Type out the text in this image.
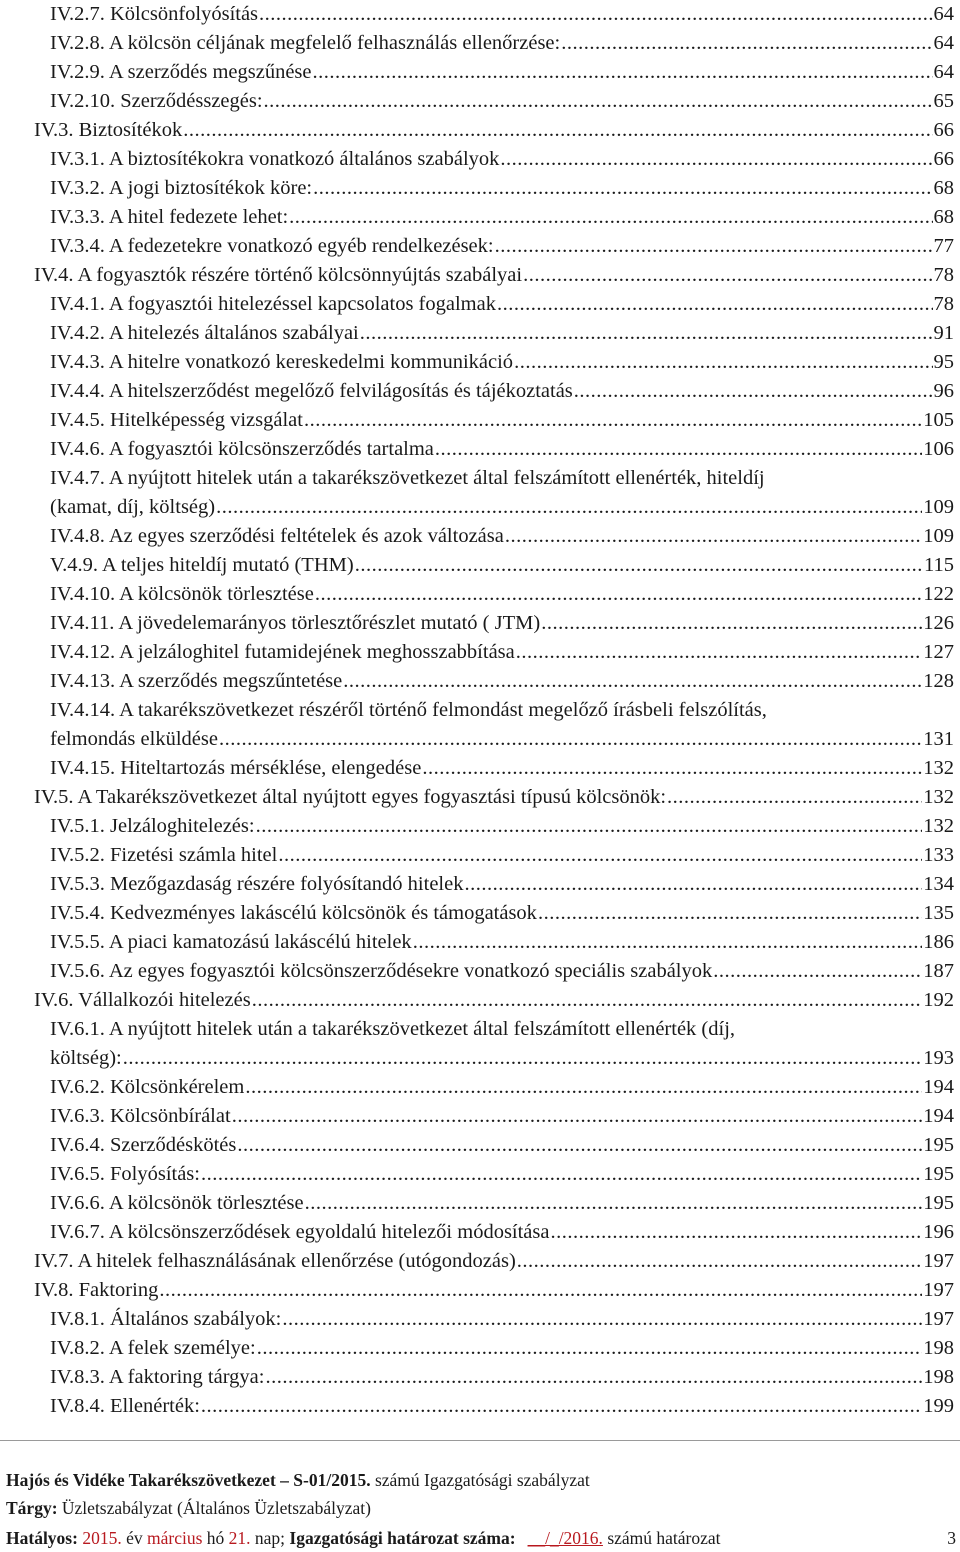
IV.2.7. Kölcsönfolyósítás .....	64
IV.2.8. A kölcsön céljának megfelelő felhasználás ellenőrzése: .....	64
IV.2.9. A szerződés megszűnése .....	64
IV.2.10. Szerződésszegés: .....	65
IV.3. Biztosítékok .....	66
IV.3.1. A biztosítékokra vonatkozó általános szabályok .....	66
IV.3.2. A jogi biztosítékok köre: .....	68
IV.3.3. A hitel fedezete lehet: .....	68
IV.3.4. A fedezetekre vonatkozó egyéb rendelkezések: .....	77
IV.4. A fogyasztók részére történő kölcsönnyújtás szabályai .....	78
IV.4.1. A fogyasztói hitelezéssel kapcsolatos fogalmak .....	78
IV.4.2. A hitelezés általános szabályai .....	91
IV.4.3. A hitelre vonatkozó kereskedelmi kommunikáció .....	95
IV.4.4. A hitelszerződést megelőző felvilágosítás és tájékoztatás .....	96
IV.4.5. Hitelképesség vizsgálat .....	105
IV.4.6. A fogyasztói kölcsönszerződés tartalma .....	106
IV.4.7. A nyújtott hitelek után a takarékszövetkezet által felszámított ellenérték, hiteldíj
(kamat, díj, költség) .....	109
IV.4.8. Az egyes szerződési feltételek és azok változása .....	109
V.4.9. A teljes hiteldíj mutató (THM) .....	115
IV.4.10. A kölcsönök törlesztése .....	122
IV.4.11. A jövedelemarányos törlesztőrészlet mutató ( JTM) .....	126
IV.4.12. A jelzáloghitel futamidejének meghosszabbítása .....	127
IV.4.13. A szerződés megszűntetése .....	128
IV.4.14. A takarékszövetkezet részéről történő felmondást megelőző írásbeli felszólítás,
felmondás elküldése .....	131
IV.4.15. Hiteltartozás mérséklése, elengedése .....	132
IV.5. A Takarékszövetkezet által nyújtott egyes fogyasztási típusú kölcsönök: .....	132
IV.5.1. Jelzáloghitelezés: .....	132
IV.5.2. Fizetési számla hitel .....	133
IV.5.3. Mezőgazdaság részére folyósítandó hitelek .....	134
IV.5.4. Kedvezményes lakáscélú kölcsönök és támogatások .....	135
IV.5.5. A piaci kamatozású lakáscélú hitelek .....	186
IV.5.6. Az egyes fogyasztói kölcsönszerződésekre vonatkozó speciális szabályok .....	187
IV.6. Vállalkozói hitelezés .....	192
IV.6.1. A nyújtott hitelek után a takarékszövetkezet által felszámított ellenérték (díj,
költség): .....	193
IV.6.2. Kölcsönkérelem .....	194
IV.6.3. Kölcsönbírálat .....	194
IV.6.4. Szerződéskötés .....	195
IV.6.5. Folyósítás: .....	195
IV.6.6. A kölcsönök törlesztése .....	195
IV.6.7. A kölcsönszerződések egyoldalú hitelezői módosítása .....	196
IV.7. A hitelek felhasználásának ellenőrzése (utógondozás) .....	197
IV.8. Faktoring .....	197
IV.8.1. Általános szabályok: .....	197
IV.8.2. A felek személye: .....	198
IV.8.3. A faktoring tárgya: .....	198
IV.8.4. Ellenérték: .....	199
Hajós és Vidéke Takarékszövetkezet – S-01/2015. számú Igazgatósági szabályzat
Tárgy: Üzletszabályzat (Általános Üzletszabályzat)
Hatályos: 2015. év március hó 21. nap; Igazgatósági határozat száma: __/_/2016. számú határozat	3
